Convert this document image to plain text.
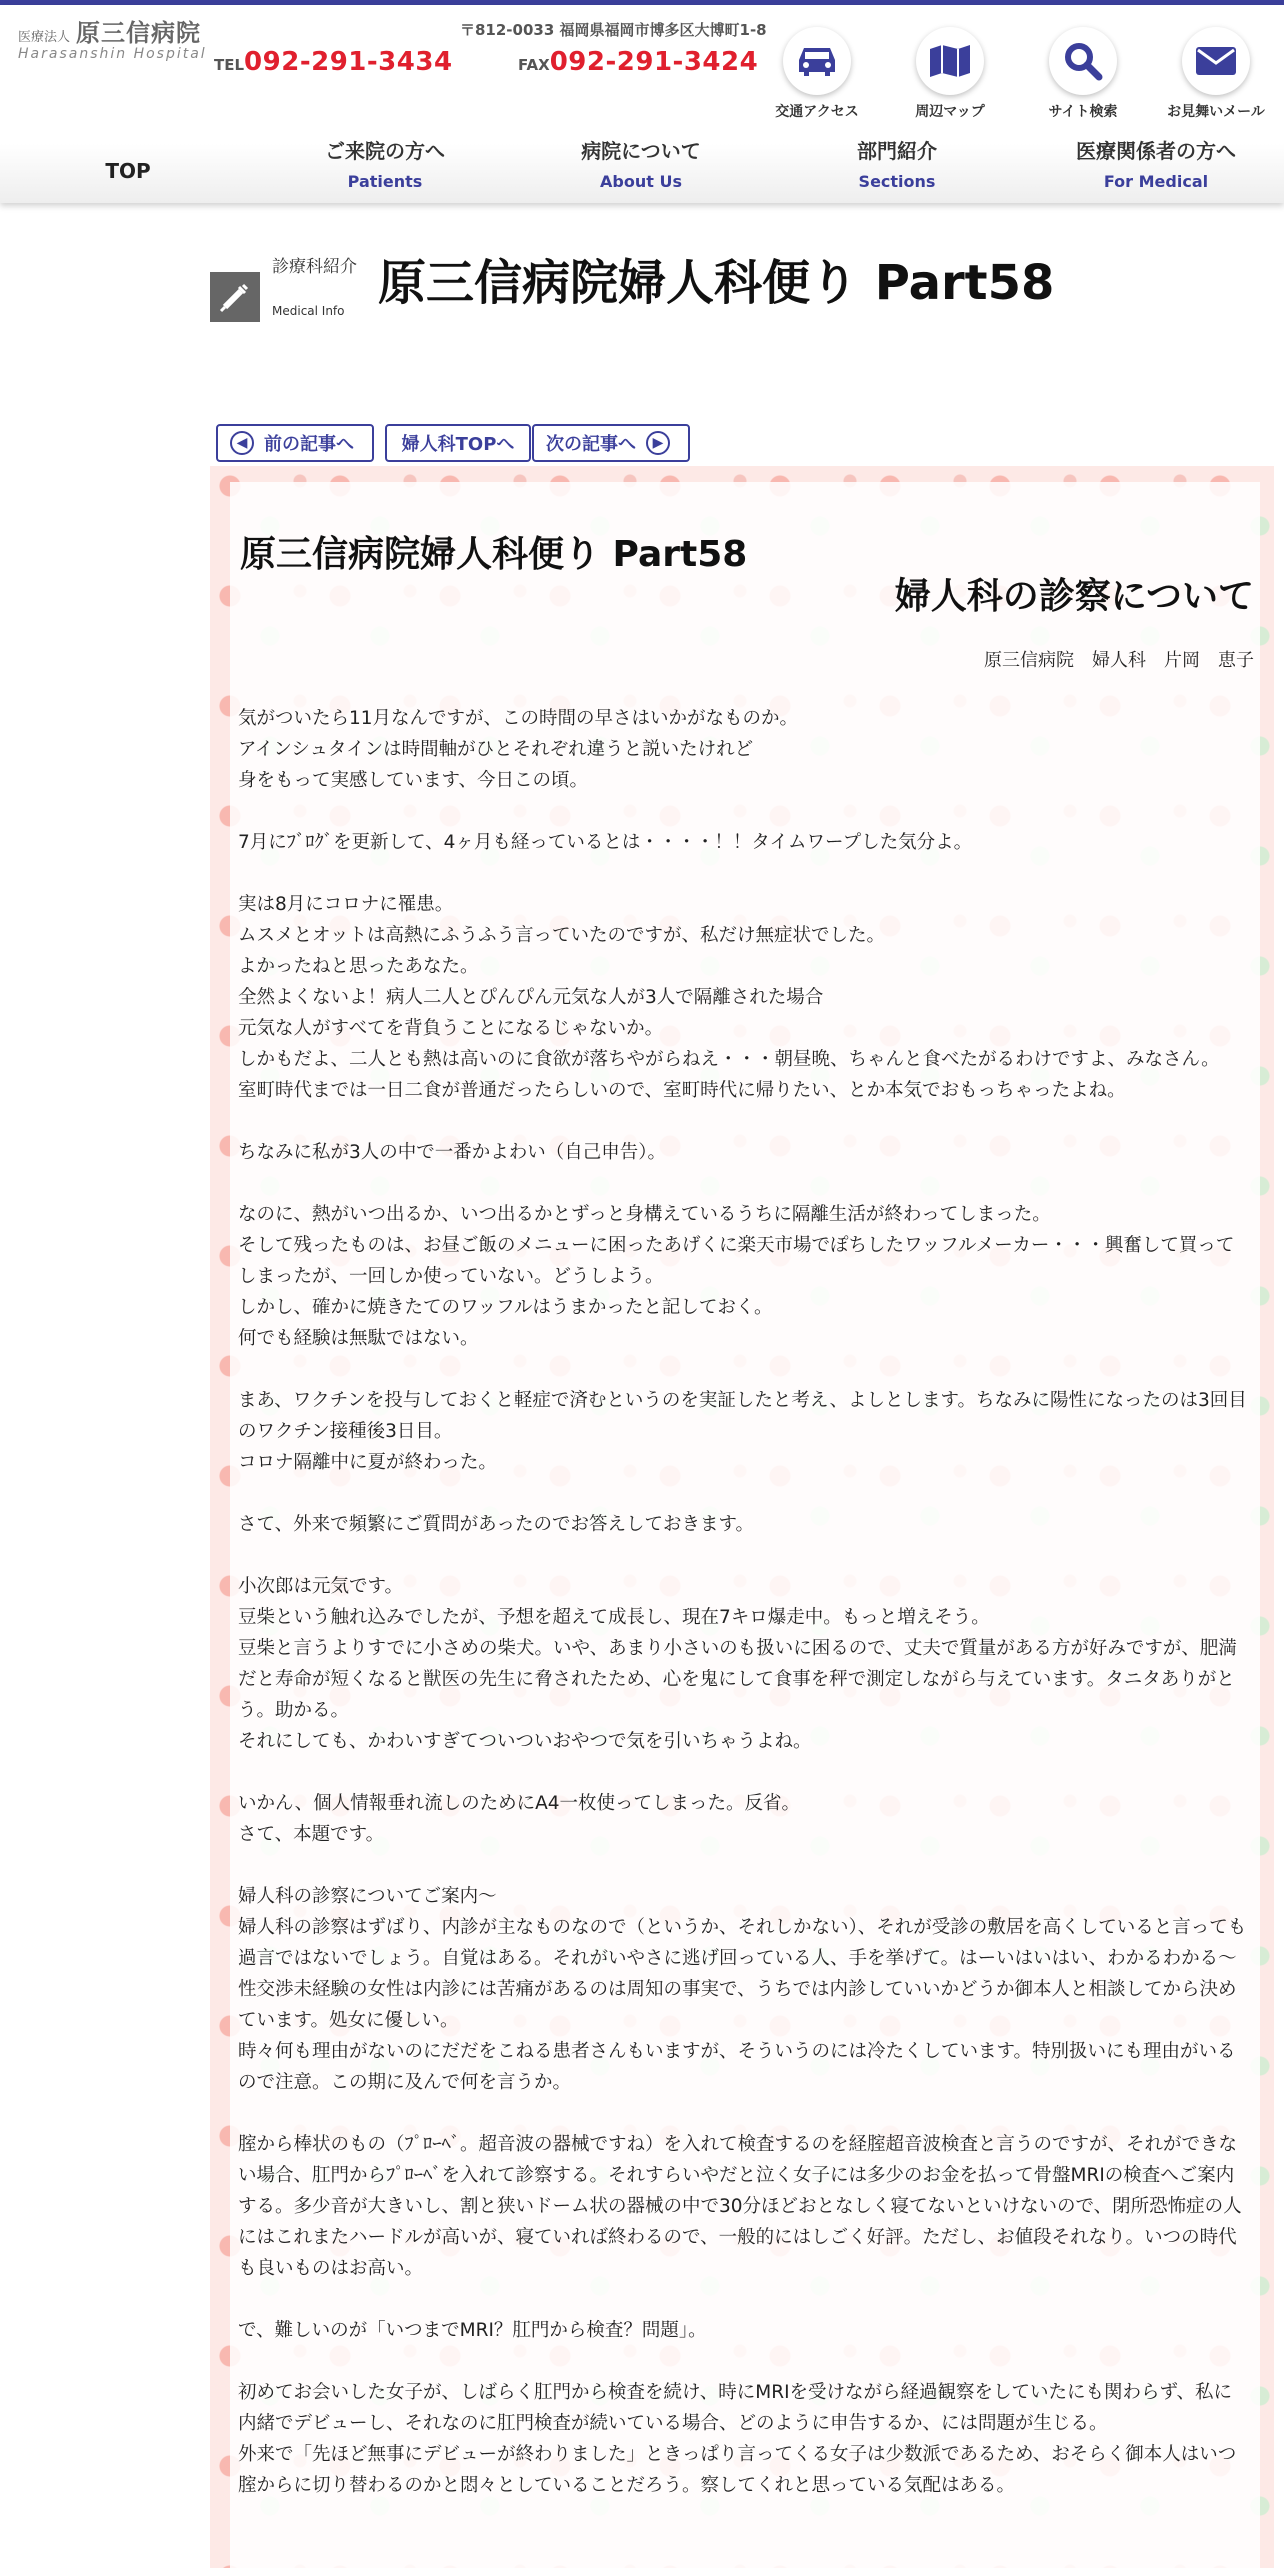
医療法人 原三信病院
Harasanshin Hospital
〒812-0033 福岡県福岡市博多区大博町1-8
TEL 092-291-3434	FAX 092-291-3424
交通アクセス	周辺マップ	サイト検索	お見舞いメール
TOP
ご来院の方へ
Patients
病院について
About Us
部門紹介
Sections
医療関係者の方へ
For Medical
診療科紹介
Medical Info 原三信病院婦人科便り Part58
◀ 前の記事へ	婦人科TOPへ 次の記事へ	▶
原三信病院婦人科便り Part58
婦人科の診察について
原三信病院　婦人科　片岡　恵子

気がついたら11月なんですが、この時間の早さはいかがなものか。

アインシュタインは時間軸がひとそれぞれ違うと説いたけれど

身をもって実感しています、今日この頃。

7月にﾌﾞﾛｸﾞを更新して、4ヶ月も経っているとは・・・・！！タイムワープした気分よ。

実は8月にコロナに罹患。

ムスメとオットは高熱にふうふう言っていたのですが、私だけ無症状でした。

よかったねと思ったあなた。

全然よくないよ！病人二人とぴんぴん元気な人が3人で隔離された場合

元気な人がすべてを背負うことになるじゃないか。

しかもだよ、二人とも熱は高いのに食欲が落ちやがらねえ・・・朝昼晩、ちゃんと食べたがるわけですよ、みなさん。

室町時代までは一日二食が普通だったらしいので、室町時代に帰りたい、とか本気でおもっちゃったよね。

ちなみに私が3人の中で一番かよわい（自己申告）。

なのに、熱がいつ出るか、いつ出るかとずっと身構えているうちに隔離生活が終わってしまった。

そして残ったものは、お昼ご飯のメニューに困ったあげくに楽天市場でぽちしたワッフルメーカー・・・興奮して買ってしまったが、一回しか使っていない。どうしよう。

しかし、確かに焼きたてのワッフルはうまかったと記しておく。

何でも経験は無駄ではない。

まあ、ワクチンを投与しておくと軽症で済むというのを実証したと考え、よしとします。ちなみに陽性になったのは3回目のワクチン接種後3日目。

コロナ隔離中に夏が終わった。

さて、外来で頻繁にご質問があったのでお答えしておきます。

小次郎は元気です。

豆柴という触れ込みでしたが、予想を超えて成長し、現在7キロ爆走中。もっと増えそう。

豆柴と言うよりすでに小さめの柴犬。いや、あまり小さいのも扱いに困るので、丈夫で質量がある方が好みですが、肥満だと寿命が短くなると獣医の先生に脅されたため、心を鬼にして食事を秤で測定しながら与えています。タニタありがとう。助かる。

それにしても、かわいすぎてついついおやつで気を引いちゃうよね。

いかん、個人情報垂れ流しのためにA4一枚使ってしまった。反省。

さて、本題です。

婦人科の診察についてご案内～

婦人科の診察はずばり、内診が主なものなので（というか、それしかない）、それが受診の敷居を高くしていると言っても過言ではないでしょう。自覚はある。それがいやさに逃げ回っている人、手を挙げて。はーいはいはい、わかるわかる～

性交渉未経験の女性は内診には苦痛があるのは周知の事実で、うちでは内診していいかどうか御本人と相談してから決めています。処女に優しい。

時々何も理由がないのにだだをこねる患者さんもいますが、そういうのには冷たくしています。特別扱いにも理由がいるので注意。この期に及んで何を言うか。

腟から棒状のもの（ﾌﾟﾛｰﾍﾞ。超音波の器械ですね）を入れて検査するのを経腟超音波検査と言うのですが、それができない場合、肛門からﾌﾟﾛｰﾍﾞを入れて診察する。それすらいやだと泣く女子には多少のお金を払って骨盤MRIの検査へご案内する。多少音が大きいし、割と狭いドーム状の器械の中で30分ほどおとなしく寝てないといけないので、閉所恐怖症の人にはこれまたハードルが高いが、寝ていれば終わるので、一般的にはしごく好評。ただし、お値段それなり。いつの時代も良いものはお高い。

で、難しいのが「いつまでMRI？肛門から検査？問題」。

初めてお会いした女子が、しばらく肛門から検査を続け、時にMRIを受けながら経過観察をしていたにも関わらず、私に内緒でデビューし、それなのに肛門検査が続いている場合、どのように申告するか、には問題が生じる。

外来で「先ほど無事にデビューが終わりました」ときっぱり言ってくる女子は少数派であるため、おそらく御本人はいつ腟からに切り替わるのかと悶々としていることだろう。察してくれと思っている気配はある。
